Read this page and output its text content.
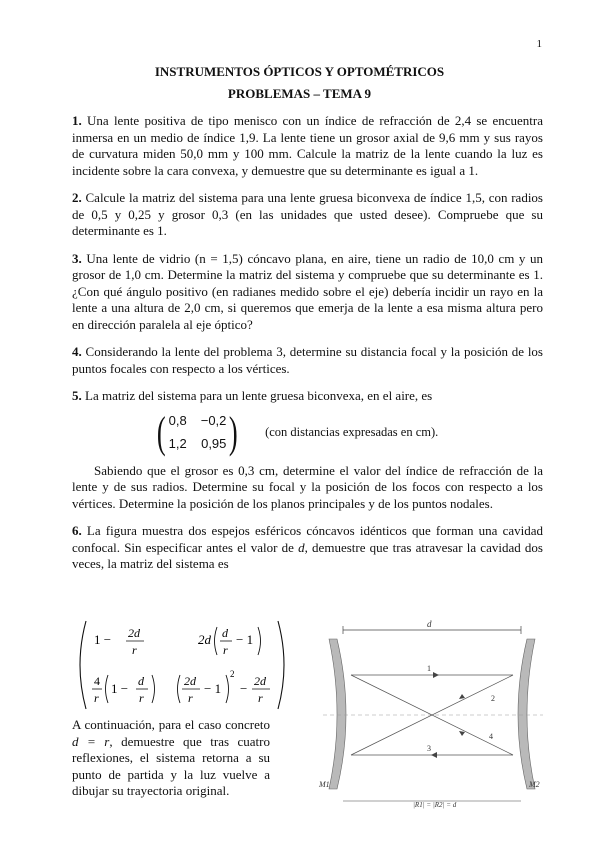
1
INSTRUMENTOS ÓPTICOS Y OPTOMÉTRICOS
PROBLEMAS – TEMA 9

1. Una lente positiva de tipo menisco con un índice de refracción de 2,4 se encuentra inmersa en un medio de índice 1,9. La lente tiene un grosor axial de 9,6 mm y sus rayos de curvatura miden 50,0 mm y 100 mm. Calcule la matriz de la lente cuando la luz es incidente sobre la cara convexa, y demuestre que su determinante es igual a 1.

2. Calcule la matriz del sistema para una lente gruesa biconvexa de índice 1,5, con radios de 0,5 y 0,25 y grosor 0,3 (en las unidades que usted desee). Compruebe que su determinante es 1.

3. Una lente de vidrio (n = 1,5) cóncavo plana, en aire, tiene un radio de 10,0 cm y un grosor de 1,0 cm. Determine la matriz del sistema y compruebe que su determinante es 1. ¿Con qué ángulo positivo (en radianes medido sobre el eje) debería incidir un rayo en la lente a una altura de 2,0 cm, si queremos que emerja de la lente a esa misma altura pero en dirección paralela al eje óptico?

4. Considerando la lente del problema 3, determine su distancia focal y la posición de los puntos focales con respecto a los vértices.

5. La matriz del sistema para un lente gruesa biconvexa, en el aire, es

( 0,8 −0,2
1,2 0,95 ) (con distancias expresadas en cm).

Sabiendo que el grosor es 0,3 cm, determine el valor del índice de refracción de la lente y de sus radios. Determine su focal y la posición de los focos con respecto a los vértices. Determine la posición de los planos principales y de los puntos nodales.

6. La figura muestra dos espejos esféricos cóncavos idénticos que forman una cavidad confocal. Sin especificar antes el valor de d, demuestre que tras atravesar la cavidad dos veces, la matriz del sistema es

1 − 2d
r
2d d
r
− 1
4
r
1 − d
r
2d
r
− 1
2
− 2d
r
A continuación, para el caso concreto d = r, demuestre que tras cuatro reflexiones, el sistema retorna a su punto de partida y la luz vuelve a dibujar su trayectoria original.
d
1
2
3
4
M1	M2
|R1| = |R2| = d
